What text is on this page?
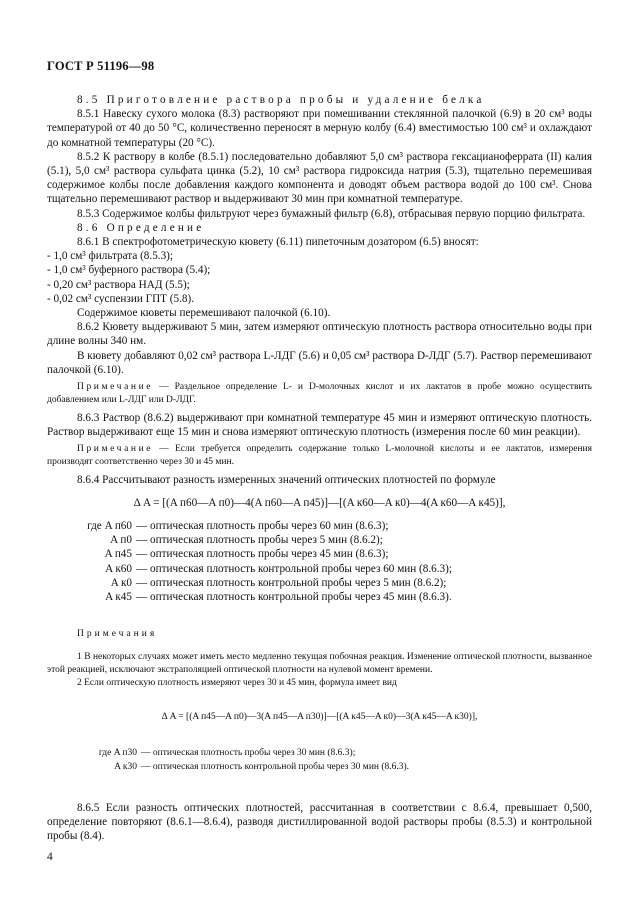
ГОСТ Р 51196—98

8.5 Приготовление раствора пробы и удаление белка

8.5.1 Навеску сухого молока (8.3) растворяют при помешивании стеклянной палочкой (6.9) в 20 см³ воды температурой от 40 до 50 °С, количественно переносят в мерную колбу (6.4) вместимостью 100 см³ и охлаждают до комнатной температуры (20 °С).

8.5.2 К раствору в колбе (8.5.1) последовательно добавляют 5,0 см³ раствора гексацианоферрата (II) калия (5.1), 5,0 см³ раствора сульфата цинка (5.2), 10 см³ раствора гидроксида натрия (5.3), тщательно перемешивая содержимое колбы после добавления каждого компонента и доводят объем раствора водой до 100 см³. Снова тщательно перемешивают раствор и выдерживают 30 мин при комнатной температуре.

8.5.3 Содержимое колбы фильтруют через бумажный фильтр (6.8), отбрасывая первую порцию фильтрата.

8.6 Определение

8.6.1 В спектрофотометрическую кювету (6.11) пипеточным дозатором (6.5) вносят:

- 1,0 см³ фильтрата (8.5.3);

- 1,0 см³ буферного раствора (5.4);

- 0,20 см³ раствора НАД (5.5);

- 0,02 см³ суспензии ГПТ (5.8).

Содержимое кюветы перемешивают палочкой (6.10).

8.6.2 Кювету выдерживают 5 мин, затем измеряют оптическую плотность раствора относительно воды при длине волны 340 нм.

В кювету добавляют 0,02 см³ раствора L-ЛДГ (5.6) и 0,05 см³ раствора D-ЛДГ (5.7). Раствор перемешивают палочкой (6.10).

Примечание — Раздельное определение L- и D-молочных кислот и их лактатов в пробе можно осуществить добавлением или L-ЛДГ или D-ЛДГ.

8.6.3 Раствор (8.6.2) выдерживают при комнатной температуре 45 мин и измеряют оптическую плотность. Раствор выдерживают еще 15 мин и снова измеряют оптическую плотность (измерения после 60 мин реакции).

Примечание — Если требуется определить содержание только L-молочной кислоты и ее лактатов, измерения производят соответственно через 30 и 45 мин.

8.6.4 Рассчитывают разность измеренных значений оптических плотностей по формуле

Δ A = [(A п60—A п0)—4(A п60—A п45)]—[(A к60—A к0)—4(A к60—A к45)],

где A п60 — оптическая плотность пробы через 60 мин (8.6.3);
A п0 — оптическая плотность пробы через 5 мин (8.6.2);
A п45 — оптическая плотность пробы через 45 мин (8.6.3);
A к60 — оптическая плотность контрольной пробы через 60 мин (8.6.3);
A к0 — оптическая плотность контрольной пробы через 5 мин (8.6.2);
A к45 — оптическая плотность контрольной пробы через 45 мин (8.6.3).

Примечания

1 В некоторых случаях может иметь место медленно текущая побочная реакция. Изменение оптической плотности, вызванное этой реакцией, исключают экстраполяцией оптической плотности на нулевой момент времени.

2 Если оптическую плотность измеряют через 30 и 45 мин, формула имеет вид

Δ A = [(A п45—A п0)—3(A п45—A п30)]—[(A к45—A к0)—3(A к45—A к30)],

где A п30 — оптическая плотность пробы через 30 мин (8.6.3);
A к30 — оптическая плотность контрольной пробы через 30 мин (8.6.3).

8.6.5 Если разность оптических плотностей, рассчитанная в соответствии с 8.6.4, превышает 0,500, определение повторяют (8.6.1—8.6.4), разводя дистиллированной водой растворы пробы (8.5.3) и контрольной пробы (8.4).

4
